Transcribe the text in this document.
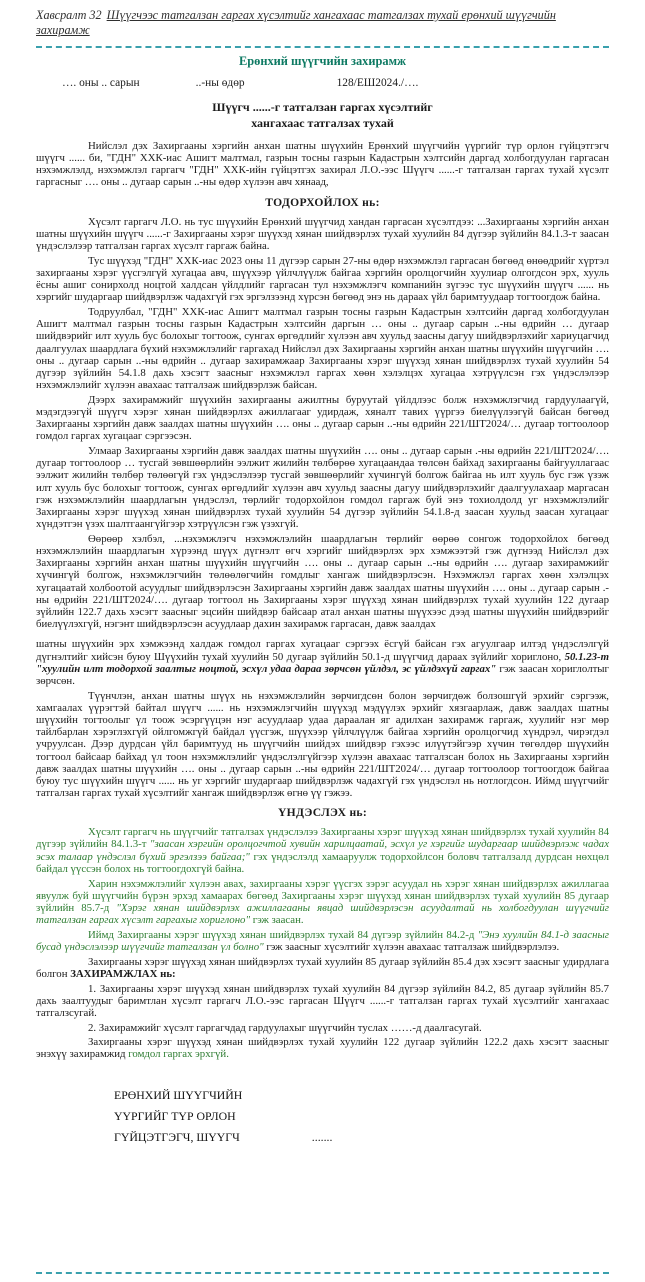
Хавсралт 32 Шүүгчээс татгалзан гаргах хүсэлтийг хангахаас татгалзах тухай ерөнхий шүүгчийн захирамж
Ерөнхий шүүгчийн захирамж
…. оны .. сарын	..-ны өдөр	128/ЕШ2024./….
Шүүгч ......-г татгалзан гаргах хүсэлтийг
хангахаас татгалзах тухай

Нийслэл дэх Захиргааны хэргийн анхан шатны шүүхийн Ерөнхий шүүгчийн үүргийг түр орлон гүйцэтгэгч шүүгч ...... би, "ГДН" ХХК-иас Ашигт малтмал, газрын тосны газрын Кадастрын хэлтсийн даргад холбогдуулан гаргасан нэхэмжлэлд, нэхэмжлэл гаргагч "ГДН" ХХК-ийн гүйцэтгэх захирал Л.О.-ээс Шүүгч ......-г татгалзан гаргах тухай хүсэлт гаргасныг …. оны .. дугаар сарын ..-ны өдөр хүлээн авч хянаад,

ТОДОРХОЙЛОХ нь:

Хүсэлт гаргагч Л.О. нь тус шүүхийн Ерөнхий шүүгчид хандан гаргасан хүсэлтдээ: ...Захиргааны хэргийн анхан шатны шүүхийн шүүгч ......-г Захиргааны хэрэг шүүхэд хянан шийдвэрлэх тухай хуулийн 84 дүгээр зүйлийн 84.1.3-т заасан үндэслэлээр татгалзан гаргах хүсэлт гаргаж байна.

Тус шүүхэд "ГДН" ХХК-иас 2023 оны 11 дүгээр сарын 27-ны өдөр нэхэмжлэл гаргасан бөгөөд өнөөдрийг хүртэл захиргааны хэрэг үүсгэлгүй хугацаа авч, шүүхээр үйлчлүүлж байгаа хэргийн оролцогчийн хуулиар олгогдсон эрх, хууль ёсны ашиг сонирхолд ноцтой халдсан үйлдлийг гаргасан тул нэхэмжлэгч компанийн зүгээс тус шүүхийн шүүгч ...... нь хэргийг шударгаар шийдвэрлэж чадахгүй гэх эргэлзээнд хүрсэн бөгөөд энэ нь дараах үйл баримтуудаар тогтоогдож байна.

Тодруулбал, "ГДН" ХХК-иас Ашигт малтмал газрын тосны газрын Кадастрын хэлтсийн даргад холбогдуулан Ашигт малтмал газрын тосны газрын Кадастрын хэлтсийн даргын … оны .. дугаар сарын ..-ны өдрийн … дугаар шийдвэрийг илт хууль бус болохыг тогтоож, сунгах өргөдлийг хүлээн авч хуульд заасны дагуу шийдвэрлэхийг хариуцагчид даалгуулах шаардлага бүхий нэхэмжлэлийг гаргахад Нийслэл дэх Захиргааны хэргийн анхан шатны шүүхийн шүүгчийн …. оны .. дугаар сарын ..-ны өдрийн .. дугаар захирамжаар Захиргааны хэрэг шүүхэд хянан шийдвэрлэх тухай хуулийн 54 дүгээр зүйлийн 54.1.8 дахь хэсэгт заасныг нэхэмжлэл гаргах хөөн хэлэлцэх хугацаа хэтрүүлсэн гэх үндэслэлээр нэхэмжлэлийг хүлээн авахаас татгалзаж шийдвэрлэж байсан.

Дээрх захирамжийг шүүхийн захиргааны ажилтны буруутай үйлдлээс болж нэхэмжлэгчид гардуулаагүй, мэдэгдээгүй шүүгч хэрэг хянан шийдвэрлэх ажиллагааг удирдаж, хяналт тавих үүргээ биелүүлээгүй байсан бөгөөд Захиргааны хэргийн давж заалдах шатны шүүхийн …. оны .. дугаар сарын ..-ны өдрийн 221/ШТ2024/… дугаар тогтоолоор гомдол гаргах хугацааг сэргээсэн.

Улмаар Захиргааны хэргийн давж заалдах шатны шүүхийн …. оны .. дугаар сарын .-ны өдрийн 221/ШТ2024/…. дугаар тогтоолоор … тусгай зөвшөөрлийн ээлжит жилийн төлбөрөө хугацаандаа төлсөн байхад захиргааны байгууллагаас ээлжит жилийн төлбөр төлөөгүй гэх үндэслэлээр тусгай зөвшөөрлийг хүчингүй болгож байгаа нь илт хууль бус гэж үзэж илт хууль бус болохыг тогтоож, сунгах өргөдлийг хүлээн авч хуульд заасны дагуу шийдвэрлэхийг даалгуулахаар маргасан гэж нэхэмжлэлийн шаардлагын үндэслэл, төрлийг тодорхойлон гомдол гаргаж буй энэ тохиолдолд уг нэхэмжлэлийг Захиргааны хэрэг шүүхэд хянан шийдвэрлэх тухай хуулийн 54 дүгээр зүйлийн 54.1.8-д заасан хуульд заасан хугацааг хүндэтгэн үзэх шалтгаангүйгээр хэтрүүлсэн гэж үзэхгүй.

Өөрөөр хэлбэл, ...нэхэмжлэгч нэхэмжлэлийн шаардлагын төрлийг өөрөө сонгож тодорхойлох бөгөөд нэхэмжлэлийн шаардлагын хүрээнд шүүх дүгнэлт өгч хэргийг шийдвэрлэх эрх хэмжээтэй гэж дүгнээд Нийслэл дэх Захиргааны хэргийн анхан шатны шүүхийн шүүгчийн …. оны .. дугаар сарын ..-ны өдрийн …. дугаар захирамжийг хүчингүй болгож, нэхэмжлэгчийн төлөөлөгчийн гомдлыг хангаж шийдвэрлэсэн. Нэхэмжлэл гаргах хөөн хэлэлцэх хугацаатай холбоотой асуудлыг шийдвэрлэсэн Захиргааны хэргийн давж заалдах шатны шүүхийн …. оны .. дугаар сарын .-ны өдрийн 221/ШТ2024/…. дугаар тогтоол нь Захиргааны хэрэг шүүхэд хянан шийдвэрлэх тухай хуулийн 122 дугаар зүйлийн 122.7 дахь хэсэгт заасныг эцсийн шийдвэр байсаар атал анхан шатны шүүхээс дээд шатны шүүхийн шийдвэрийг биелүүлэхгүй, нэгэнт шийдвэрлэсэн асуудлаар дахин захирамж гаргасан, давж заалдах

шатны шүүхийн эрх хэмжээнд халдаж гомдол гаргах хугацааг сэргээх ёсгүй байсан гэх агуулгаар илтэд үндэслэлгүй дүгнэлтийг хийсэн буюу Шүүхийн тухай хуулийн 50 дугаар зүйлийн 50.1-д шүүгчид дараах зүйлийг хориглоно, 50.1.23-т "хуулийн илт тодорхой заалтыг ноцтой, эсхүл удаа дараа зөрчсөн үйлдэл, эс үйлдэхүй гаргах" гэж заасан хориглолтыг зөрчсөн.

Түүнчлэн, анхан шатны шүүх нь нэхэмжлэлийн зөрчигдсөн болон зөрчигдөж болзошгүй эрхийг сэргээж, хамгаалах үүрэгтэй байтал шүүгч ...... нь нэхэмжлэгчийн шүүхэд мэдүүлэх эрхийг хязгаарлаж, давж заалдах шатны шүүхийн тогтоолыг үл тоож эсэргүүцэн нэг асуудлаар удаа дараалан яг адилхан захирамж гаргаж, хуулийг нэг мөр тайлбарлан хэрэглэхгүй ойлгомжгүй байдал үүсгэж, шүүхээр үйлчлүүлж байгаа хэргийн оролцогчид хүндрэл, чирэгдэл учруулсан. Дээр дурдсан үйл баримтууд нь шүүгчийн шийдэх шийдвэр гэхээс илүүтэйгээр хүчин төгөлдөр шүүхийн тогтоол байсаар байхад үл тоон нэхэмжлэлийг үндэслэлгүйгээр хүлээн авахаас татгалзсан болох нь Захиргааны хэргийн давж заалдах шатны шүүхийн …. оны .. дугаар сарын ..-ны өдрийн 221/ШТ2024/… дугаар тогтоолоор тогтоогдож байгаа буюу тус шүүхийн шүүгч ...... нь уг хэргийг шударгаар шийдвэрлэж чадахгүй гэх үндэслэл нь нотлогдсон. Иймд шүүгчийг татгалзан гаргах тухай хүсэлтийг хангаж шийдвэрлэж өгнө үү гэжээ.

ҮНДЭСЛЭХ нь:

Хүсэлт гаргагч нь шүүгчийг татгалзах үндэслэлээ Захиргааны хэрэг шүүхэд хянан шийдвэрлэх тухай хуулийн 84 дүгээр зүйлийн 84.1.3-т "заасан хэргийн оролцогчтой хувийн харилцаатай, эсхүл уг хэргийг шударгаар шийдвэрлэж чадах эсэх талаар үндэслэл бүхий эргэлзээ байгаа;" гэх үндэслэлд хамааруулж тодорхойлсон боловч татгалзалд дурдсан нөхцөл байдал үүссэн болох нь тогтоогдохгүй байна.

Харин нэхэмжлэлийг хүлээн авах, захиргааны хэрэг үүсгэх зэрэг асуудал нь хэрэг хянан шийдвэрлэх ажиллагаа явуулж буй шүүгчийн бүрэн эрхэд хамаарах бөгөөд Захиргааны хэрэг шүүхэд хянан шийдвэрлэх тухай хуулийн 85 дугаар зүйлийн 85.7-д "Хэрэг хянан шийдвэрлэх ажиллагааны явцад шийдвэрлэсэн асуудалтай нь холбогдуулан шүүгчийг татгалзан гаргах хүсэлт гаргахыг хориглоно" гэж заасан.

Иймд Захиргааны хэрэг шүүхэд хянан шийдвэрлэх тухай 84 дүгээр зүйлийн 84.2-д "Энэ хуулийн 84.1-д заасныг бусад үндэслэлээр шүүгчийг татгалзан үл болно" гэж заасныг хүсэлтийг хүлээн авахаас татгалзаж шийдвэрлэлээ.

Захиргааны хэрэг шүүхэд хянан шийдвэрлэх тухай хуулийн 85 дугаар зүйлийн 85.4 дэх хэсэгт заасныг удирдлага болгон ЗАХИРАМЖЛАХ нь:

1. Захиргааны хэрэг шүүхэд хянан шийдвэрлэх тухай хуулийн 84 дүгээр зүйлийн 84.2, 85 дугаар зүйлийн 85.7 дахь заалтуудыг баримтлан хүсэлт гаргагч Л.О.-ээс гаргасан Шүүгч ......-г татгалзан гаргах тухай хүсэлтийг хангахаас татгалзсугай.

2. Захирамжийг хүсэлт гаргагчдад гардуулахыг шүүгчийн туслах ……-д даалгасугай.

Захиргааны хэрэг шүүхэд хянан шийдвэрлэх тухай хуулийн 122 дугаар зүйлийн 122.2 дахь хэсэгт заасныг энэхүү захирамжид гомдол гаргах эрхгүй.

ЕРӨНХИЙ ШҮҮГЧИЙН
ҮҮРГИЙГ ТҮР ОРЛОН
ГҮЙЦЭТГЭГЧ, ШҮҮГЧ	.......
